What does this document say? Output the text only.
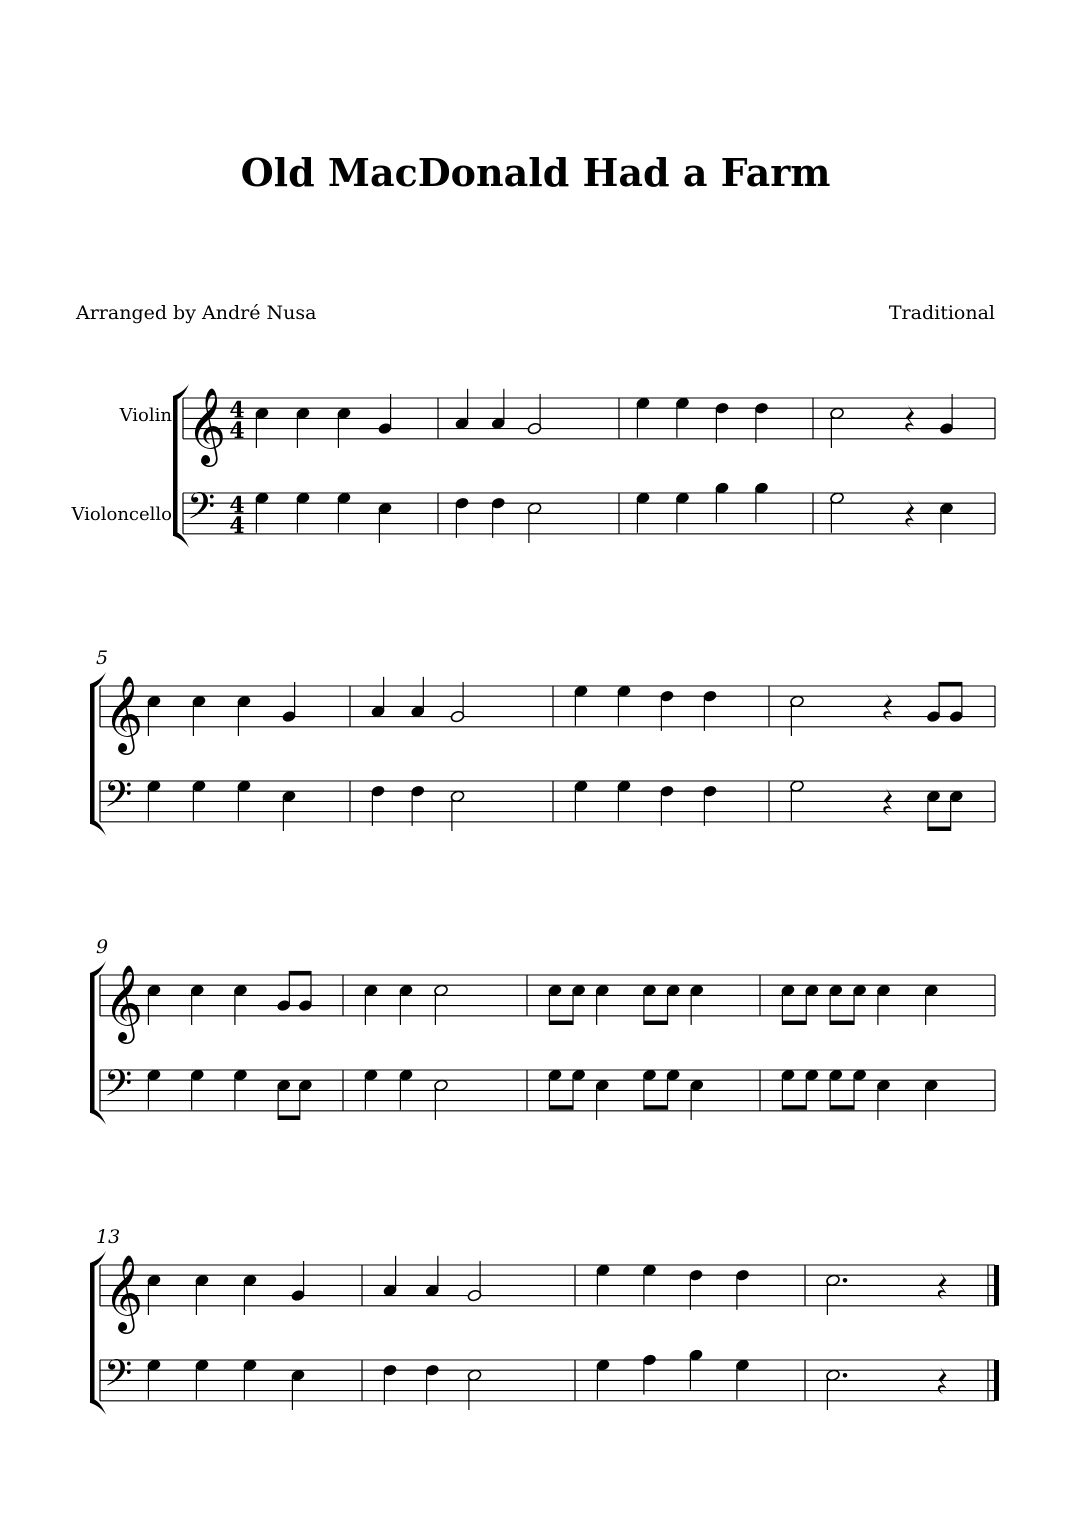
Old MacDonald Had a Farm
Arranged by André Nusa	Traditional
𝄞
𝄢
Violin
Violoncello
4
4
4
4
𝄞
𝄢
5
𝄞
𝄢
9
𝄞
𝄢
13
